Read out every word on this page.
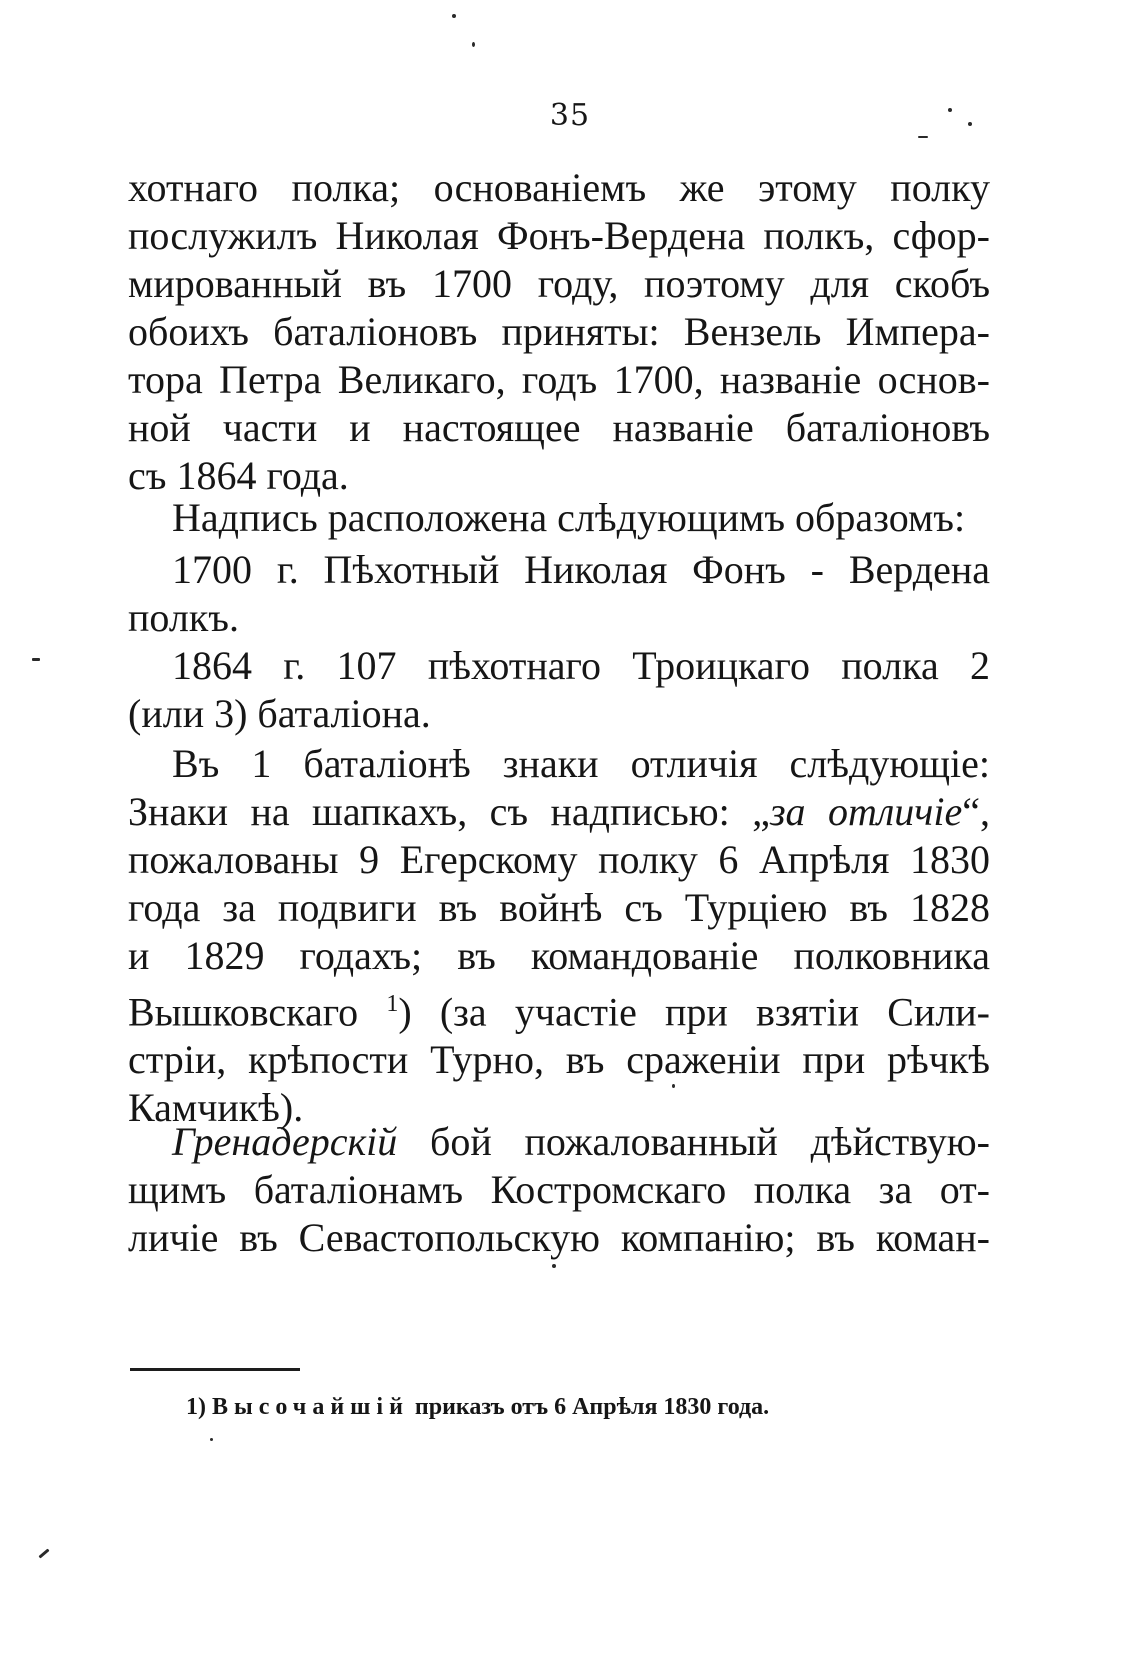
35
хотнаго полка; основаніемъ же этому полку
послужилъ Николая Фонъ-Вердена полкъ, сфор-
мированный въ 1700 году, поэтому для скобъ
обоихъ баталіоновъ приняты: Вензель Импера-
тора Петра Великаго, годъ 1700, названіе основ-
ной части и настоящее названіе баталіоновъ
съ 1864 года.
Надпись расположена слѣдующимъ образомъ:
1700 г. Пѣхотный Николая Фонъ - Вердена
полкъ.
1864 г. 107 пѣхотнаго Троицкаго полка 2
(или 3) баталіона.
Въ 1 баталіонѣ знаки отличія слѣдующіе:
Знаки на шапкахъ, съ надписью: „за отличіе“,
пожалованы 9 Егерскому полку 6 Апрѣля 1830
года за подвиги въ войнѣ съ Турціею въ 1828
и 1829 годахъ; въ командованіе полковника
Вышковскаго $^1$) (за участіе при взятіи Сили-
стріи, крѣпости Турно, въ сраженіи при рѣчкѣ
Камчикѣ).
Гренадерскій бой пожалованный дѣйствую-
щимъ баталіонамъ Костромскаго полка за от-
личіе въ Севастопольскую компанію; въ коман-
1) Высочайшій приказъ отъ 6 Апрѣля 1830 года.
